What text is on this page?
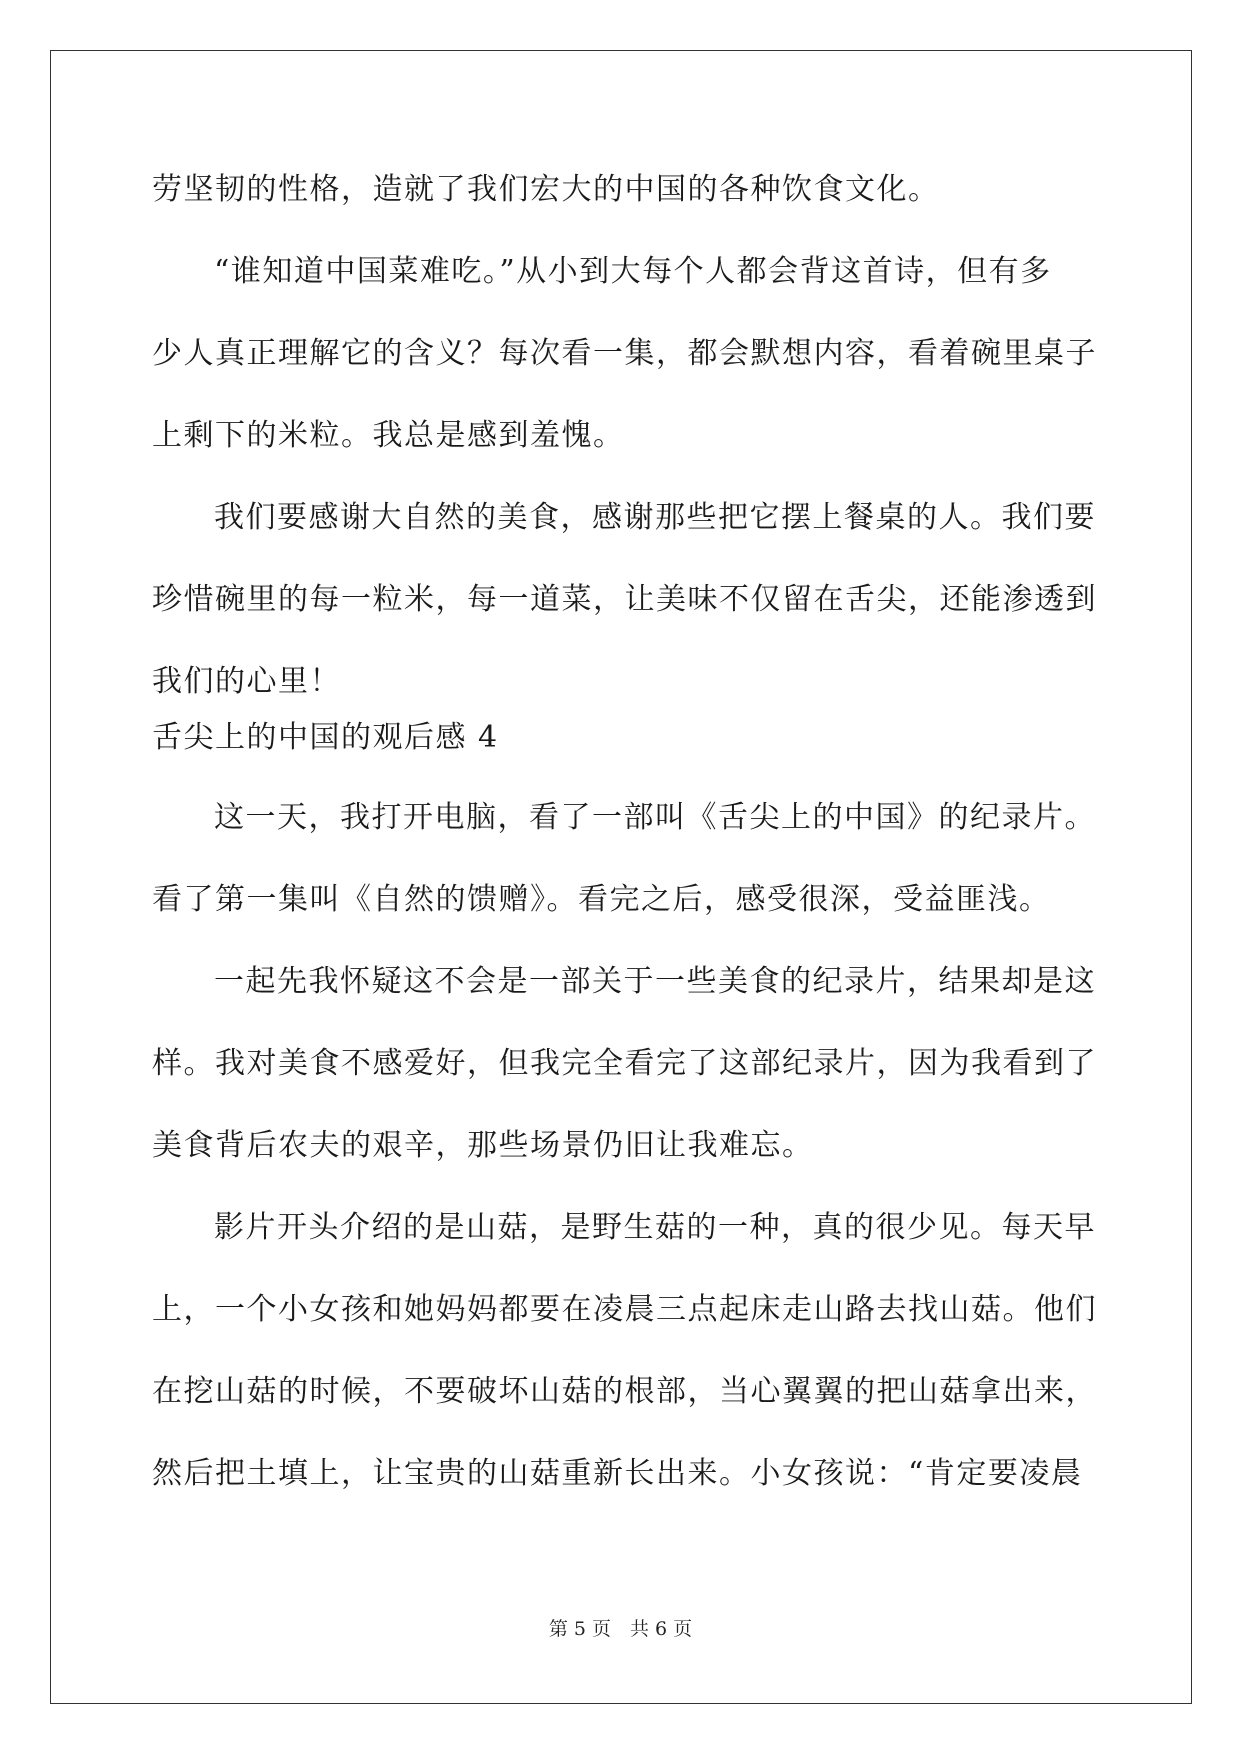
劳坚韧的性格，造就了我们宏大的中国的各种饮食文化。
“谁知道中国菜难吃。”从小到大每个人都会背这首诗，但有多
少人真正理解它的含义？每次看一集，都会默想内容，看着碗里桌子
上剩下的米粒。我总是感到羞愧。
我们要感谢大自然的美食，感谢那些把它摆上餐桌的人。我们要
珍惜碗里的每一粒米，每一道菜，让美味不仅留在舌尖，还能渗透到
我们的心里！
舌尖上的中国的观后感 4
这一天，我打开电脑，看了一部叫《舌尖上的中国》的纪录片。
看了第一集叫《自然的馈赠》。看完之后，感受很深，受益匪浅。
一起先我怀疑这不会是一部关于一些美食的纪录片，结果却是这
样。我对美食不感爱好，但我完全看完了这部纪录片，因为我看到了
美食背后农夫的艰辛，那些场景仍旧让我难忘。
影片开头介绍的是山菇，是野生菇的一种，真的很少见。每天早
上，一个小女孩和她妈妈都要在凌晨三点起床走山路去找山菇。他们
在挖山菇的时候，不要破坏山菇的根部，当心翼翼的把山菇拿出来，
然后把土填上，让宝贵的山菇重新长出来。小女孩说：“肯定要凌晨
第 5 页　共 6 页
